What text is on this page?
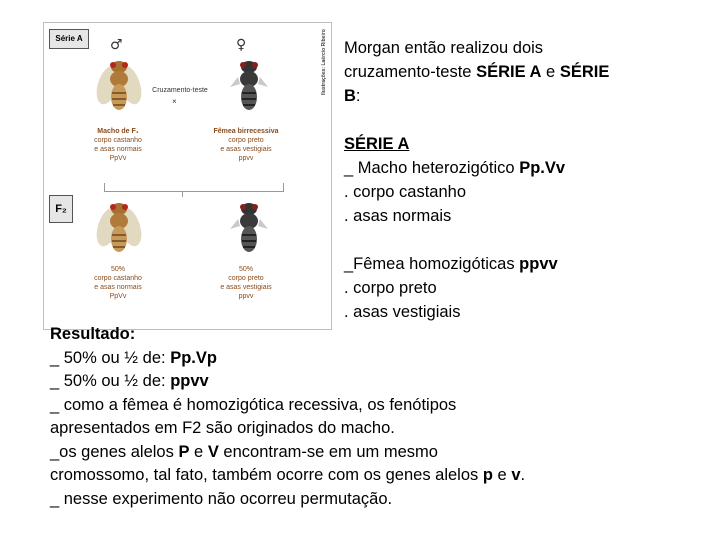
Série A	Ilustrações: Laércio Ribeiro
♂	♀
Cruzamento-teste
×
Macho de F₁
corpo castanho
e asas normais
PpVv
Fêmea birrecessiva
corpo preto
e asas vestigiais
ppvv
F₂
50%
corpo castanho
e asas normais
PpVv
50%
corpo preto
e asas vestigiais
ppvv
Morgan então realizou dois
cruzamento-teste SÉRIE A e SÉRIE
B:
SÉRIE A
_ Macho heterozigótico Pp.Vv
. corpo castanho
. asas normais
_Fêmea homozigóticas ppvv
. corpo preto
. asas vestigiais
Resultado:
_ 50% ou ½ de: Pp.Vp
_ 50% ou ½ de: ppvv
_ como a fêmea é homozigótica recessiva, os fenótipos
apresentados em F2 são originados do macho.
_os genes alelos P e V encontram-se em um mesmo
cromossomo, tal fato, também ocorre com os genes alelos p e v.
_ nesse experimento não ocorreu permutação.
